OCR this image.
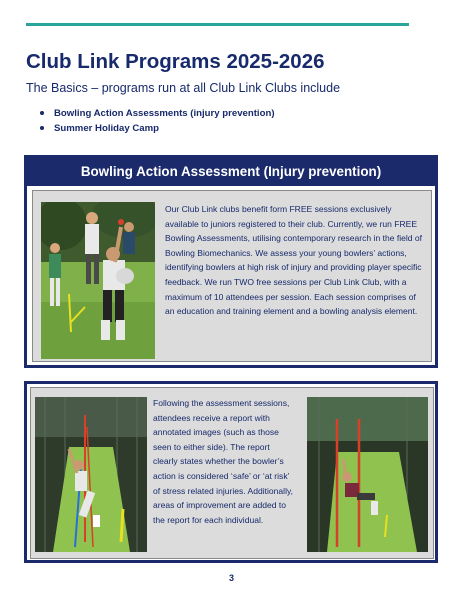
Club Link Programs 2025-2026

The Basics – programs run at all Club Link Clubs include

Bowling Action Assessments (injury prevention)
Summer Holiday Camp
Bowling Action Assessment (Injury prevention)

Our Club Link clubs benefit form FREE sessions exclusively available to juniors registered to their club. Currently, we run FREE Bowling Assessments, utilising contemporary research in the field of Bowling Biomechanics. We assess your young bowlers’ actions, identifying bowlers at high risk of injury and providing player specific feedback. We run TWO free sessions per Club Link Club, with a maximum of 10 attendees per session. Each session comprises of an education and training element and a bowling analysis element.

Following the assessment sessions, attendees receive a report with annotated images (such as those seen to either side). The report clearly states whether the bowler’s action is considered ‘safe’ or ‘at risk’ of stress related injuries. Additionally, areas of improvement are added to the report for each individual.

3
